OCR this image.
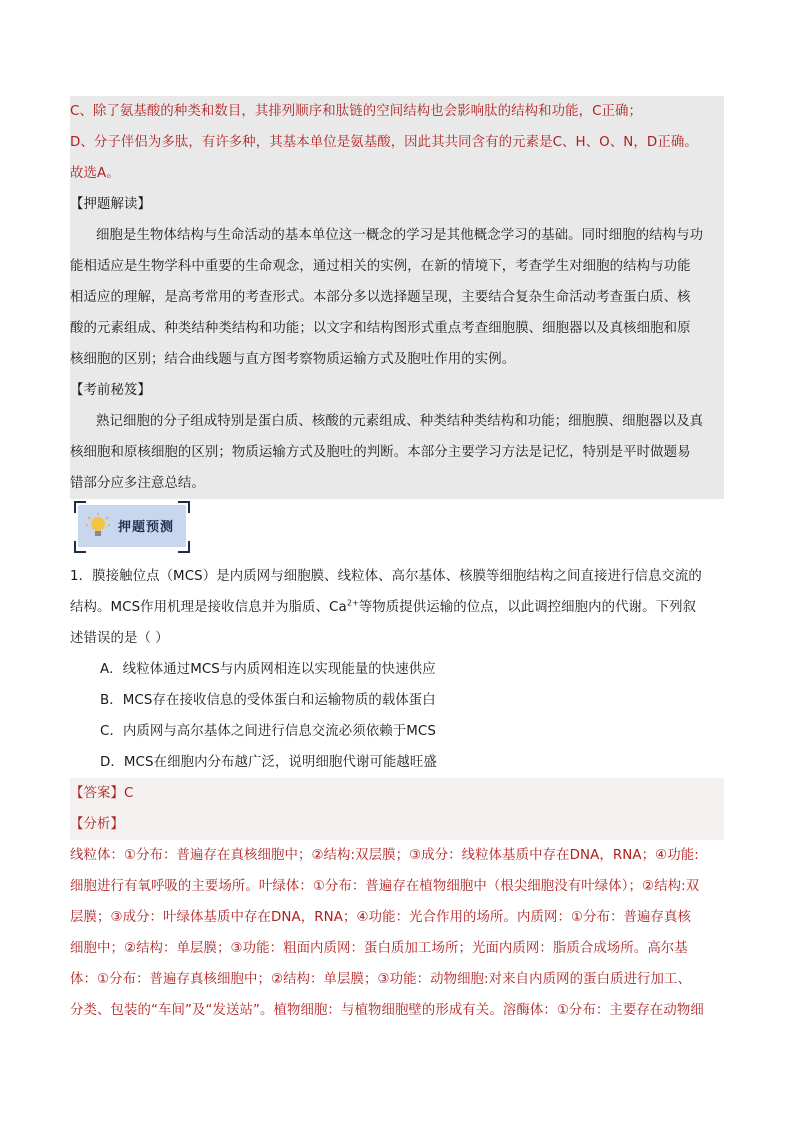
C、除了氨基酸的种类和数目，其排列顺序和肽链的空间结构也会影响肽的结构和功能，C正确；
D、分子伴侣为多肽，有许多种，其基本单位是氨基酸，因此其共同含有的元素是C、H、O、N，D正确。
故选A。
【押题解读】
细胞是生物体结构与生命活动的基本单位这一概念的学习是其他概念学习的基础。同时细胞的结构与功
能相适应是生物学科中重要的生命观念，通过相关的实例，在新的情境下，考查学生对细胞的结构与功能
相适应的理解，是高考常用的考查形式。本部分多以选择题呈现，主要结合复杂生命活动考查蛋白质、核
酸的元素组成、种类结种类结构和功能；以文字和结构图形式重点考查细胞膜、细胞器以及真核细胞和原
核细胞的区别；结合曲线题与直方图考察物质运输方式及胞吐作用的实例。
【考前秘笈】
熟记细胞的分子组成特别是蛋白质、核酸的元素组成、种类结种类结构和功能；细胞膜、细胞器以及真
核细胞和原核细胞的区别；物质运输方式及胞吐的判断。本部分主要学习方法是记忆，特别是平时做题易
错部分应多注意总结。
押题预测
1．膜接触位点（MCS）是内质网与细胞膜、线粒体、高尔基体、核膜等细胞结构之间直接进行信息交流的
结构。MCS作用机理是接收信息并为脂质、$Ca^{2+}$等物质提供运输的位点，以此调控细胞内的代谢。下列叙
述错误的是（ ）
A．线粒体通过MCS与内质网相连以实现能量的快速供应
B．MCS存在接收信息的受体蛋白和运输物质的载体蛋白
C．内质网与高尔基体之间进行信息交流必须依赖于MCS
D．MCS在细胞内分布越广泛，说明细胞代谢可能越旺盛
【答案】C
【分析】
线粒体：①分布：普遍存在真核细胞中；②结构:双层膜；③成分：线粒体基质中存在DNA，RNA；④功能:
细胞进行有氧呼吸的主要场所。叶绿体：①分布：普遍存在植物细胞中（根尖细胞没有叶绿体）；②结构:双
层膜；③成分：叶绿体基质中存在DNA，RNA；④功能：光合作用的场所。内质网：①分布：普遍存真核
细胞中；②结构：单层膜；③功能：粗面内质网：蛋白质加工场所；光面内质网：脂质合成场所。高尔基
体：①分布：普遍存真核细胞中；②结构：单层膜；③功能：动物细胞:对来自内质网的蛋白质进行加工、
分类、包装的“车间”及“发送站”。植物细胞：与植物细胞壁的形成有关。溶酶体：①分布：主要存在动物细
